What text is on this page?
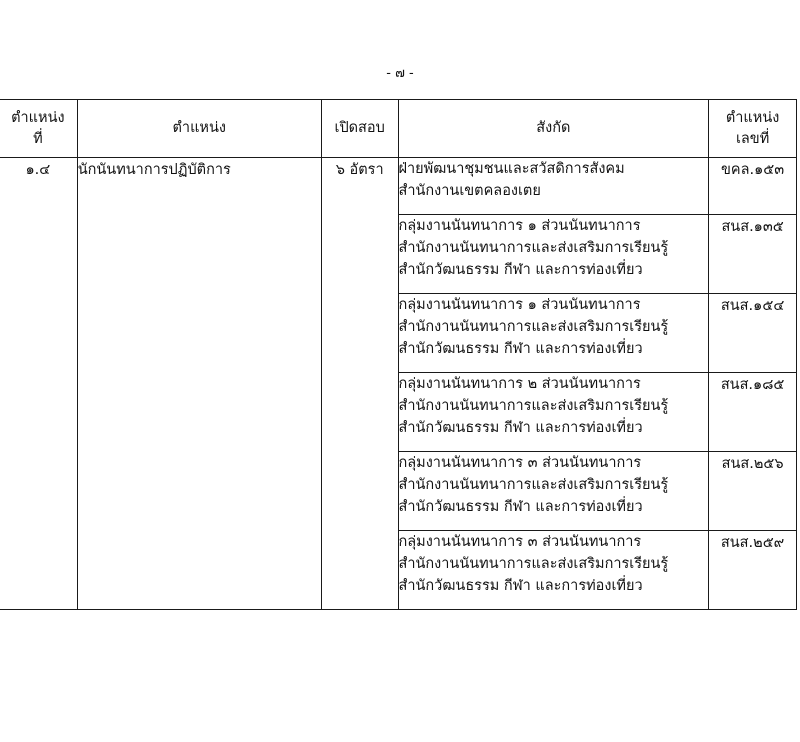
- ๗ -
ตำแหน่ง
ที่	ตำแหน่ง	เปิดสอบ	สังกัด	ตำแหน่ง
เลขที่

๑.๔	นักนันทนาการปฏิบัติการ	๖ อัตรา	ฝ่ายพัฒนาชุมชนและสวัสดิการสังคม
สำนักงานเขตคลองเตย	ขคล.๑๕๓

			กลุ่มงานนันทนาการ ๑ ส่วนนันทนาการ
สำนักงานนันทนาการและส่งเสริมการเรียนรู้
สำนักวัฒนธรรม กีฬา และการท่องเที่ยว	สนส.๑๓๕

			กลุ่มงานนันทนาการ ๑ ส่วนนันทนาการ
สำนักงานนันทนาการและส่งเสริมการเรียนรู้
สำนักวัฒนธรรม กีฬา และการท่องเที่ยว	สนส.๑๕๔

			กลุ่มงานนันทนาการ ๒ ส่วนนันทนาการ
สำนักงานนันทนาการและส่งเสริมการเรียนรู้
สำนักวัฒนธรรม กีฬา และการท่องเที่ยว	สนส.๑๘๕

			กลุ่มงานนันทนาการ ๓ ส่วนนันทนาการ
สำนักงานนันทนาการและส่งเสริมการเรียนรู้
สำนักวัฒนธรรม กีฬา และการท่องเที่ยว	สนส.๒๕๖

			กลุ่มงานนันทนาการ ๓ ส่วนนันทนาการ
สำนักงานนันทนาการและส่งเสริมการเรียนรู้
สำนักวัฒนธรรม กีฬา และการท่องเที่ยว	สนส.๒๕๙
